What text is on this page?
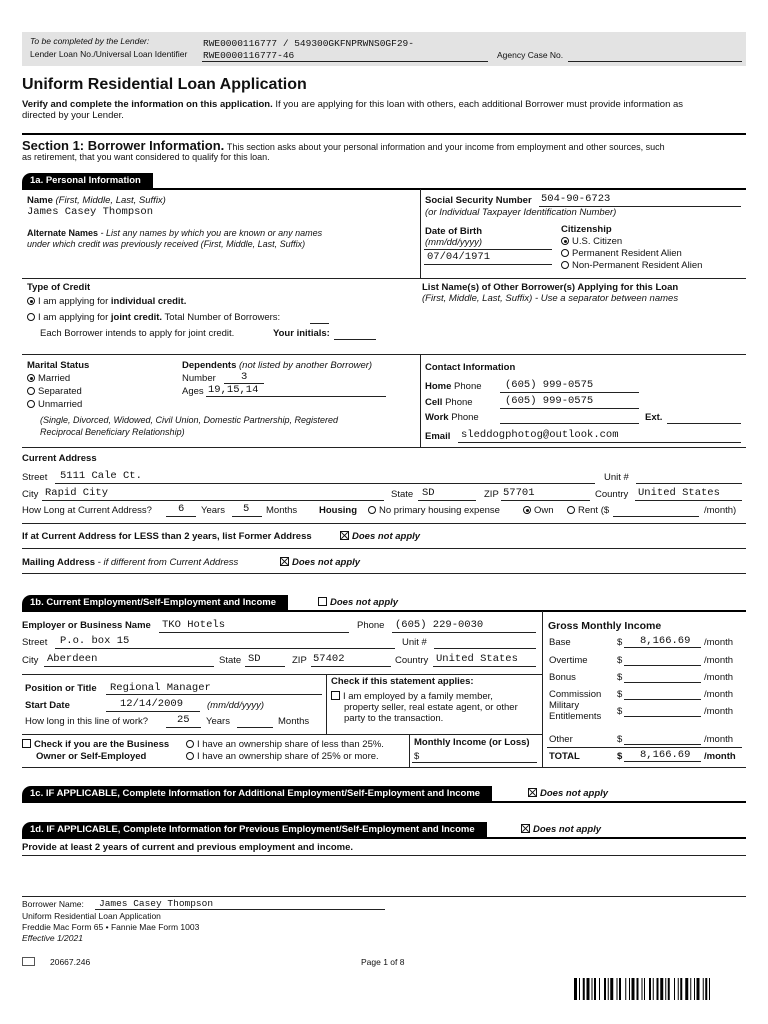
To be completed by the Lender:
Lender Loan No./Universal Loan Identifier
RWE0000116777 / 549300GKFNPRWNS0GF29-
RWE0000116777-46	Agency Case No.
Uniform Residential Loan Application
Verify and complete the information on this application. If you are applying for this loan with others, each additional Borrower must provide information as
directed by your Lender.
Section 1: Borrower Information. This section asks about your personal information and your income from employment and other sources, such
as retirement, that you want considered to qualify for this loan.
1a. Personal Information
Name (First, Middle, Last, Suffix)
James Casey Thompson
Alternate Names - List any names by which you are known or any names
under which credit was previously received (First, Middle, Last, Suffix)
Social Security Number 504-90-6723
(or Individual Taxpayer Identification Number)
Date of Birth
(mm/dd/yyyy)
07/04/1971
Citizenship
U.S. Citizen
Permanent Resident Alien
Non-Permanent Resident Alien
Type of Credit
I am applying for individual credit.
I am applying for joint credit. Total Number of Borrowers:
Each Borrower intends to apply for joint credit.	Your initials:
List Name(s) of Other Borrower(s) Applying for this Loan
(First, Middle, Last, Suffix) - Use a separator between names
Marital Status
Married
Separated
Unmarried
(Single, Divorced, Widowed, Civil Union, Domestic Partnership, Registered
Reciprocal Beneficiary Relationship)
Dependents (not listed by another Borrower)
Number 3
Ages 19,15,14
Contact Information
Home Phone (605) 999-0575
Cell Phone	(605) 999-0575
Work Phone	Ext.
Email sleddogphotog@outlook.com
Current Address
Street 5111 Cale Ct.	Unit #
City Rapid City	State SD	ZIP 57701	Country United States
How Long at Current Address? 6 Years 5 Months Housing	No primary housing expense	Own	Rent ($	/month)
If at Current Address for LESS than 2 years, list Former Address	Does not apply
Mailing Address - if different from Current Address	Does not apply
1b. Current Employment/Self-Employment and Income	Does not apply
Employer or Business Name TKO Hotels	Phone (605) 229-0030
Street P.o. box 15	Unit #
City Aberdeen	State SD	ZIP 57402	Country United States
Position or Title Regional Manager
Start Date	12/14/2009	(mm/dd/yyyy)
How long in this line of work?	25 Years	Months
Check if this statement applies:
I am employed by a family member,
property seller, real estate agent, or other
party to the transaction.
Check if you are the Business
Owner or Self-Employed
I have an ownership share of less than 25%.
I have an ownership share of 25% or more.
Monthly Income (or Loss)
$
Gross Monthly Income
Base	$ 8,166.69 /month
Overtime	$	/month
Bonus	$	/month
Commission $	/month
Military
Entitlements $	/month
Other	$	/month
TOTAL	$ 8,166.69 /month
1c. IF APPLICABLE, Complete Information for Additional Employment/Self-Employment and Income	Does not apply
1d. IF APPLICABLE, Complete Information for Previous Employment/Self-Employment and Income	Does not apply
Provide at least 2 years of current and previous employment and income.
Borrower Name: James Casey Thompson
Uniform Residential Loan Application
Freddie Mac Form 65 • Fannie Mae Form 1003
Effective 1/2021
20667.246	Page 1 of 8
